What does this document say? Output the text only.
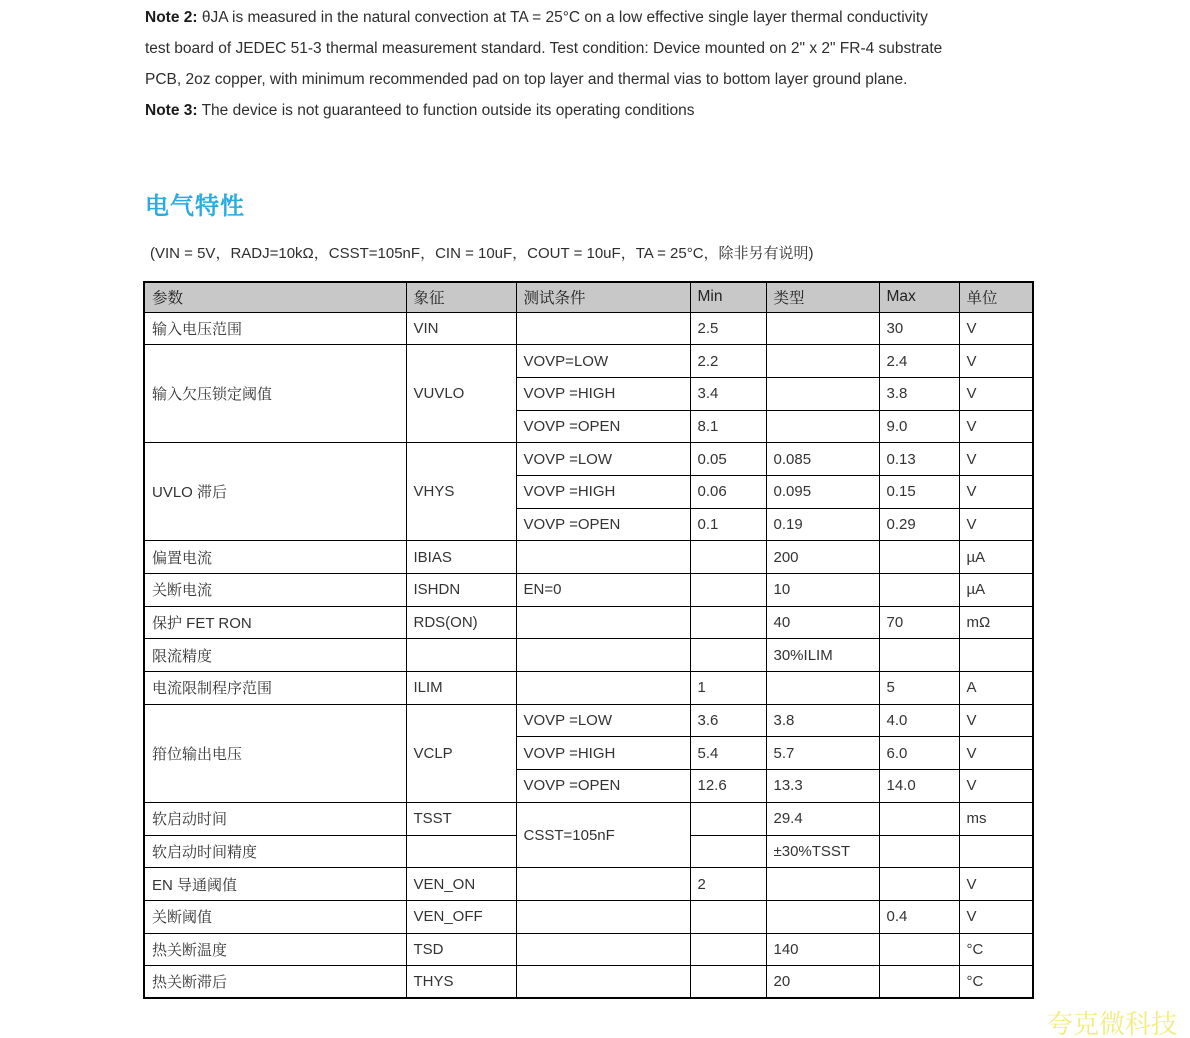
Note 2: θJA is measured in the natural convection at TA = 25°C on a low effective single layer thermal conductivity
test board of JEDEC 51-3 thermal measurement standard. Test condition: Device mounted on 2" x 2" FR-4 substrate
PCB, 2oz copper, with minimum recommended pad on top layer and thermal vias to bottom layer ground plane.
Note 3: The device is not guaranteed to function outside its operating conditions
电气特性
(VIN = 5V，RADJ=10kΩ，CSST=105nF，CIN = 10uF，COUT = 10uF，TA = 25°C，除非另有说明)
参数	象征	测试条件	Min	类型	Max	单位
输入电压范围	VIN		2.5		30	V
输入欠压锁定阈值	VUVLO	VOVP=LOW	2.2		2.4	V
		VOVP =HIGH	3.4		3.8	V
		VOVP =OPEN	8.1		9.0	V
UVLO 滞后	VHYS	VOVP =LOW	0.05	0.085	0.13	V
		VOVP =HIGH	0.06	0.095	0.15	V
		VOVP =OPEN	0.1	0.19	0.29	V
偏置电流	IBIAS			200		µA
关断电流	ISHDN	EN=0		10		µA
保护 FET RON	RDS(ON)			40	70	mΩ
限流精度				30%ILIM		
电流限制程序范围	ILIM		1		5	A
箝位输出电压	VCLP	VOVP =LOW	3.6	3.8	4.0	V
		VOVP =HIGH	5.4	5.7	6.0	V
		VOVP =OPEN	12.6	13.3	14.0	V
软启动时间	TSST	CSST=105nF		29.4		ms
软启动时间精度				±30%TSST		
EN 导通阈值	VEN_ON		2			V
关断阈值	VEN_OFF				0.4	V
热关断温度	TSD			140		°C
热关断滞后	THYS			20		°C
夸克微科技
